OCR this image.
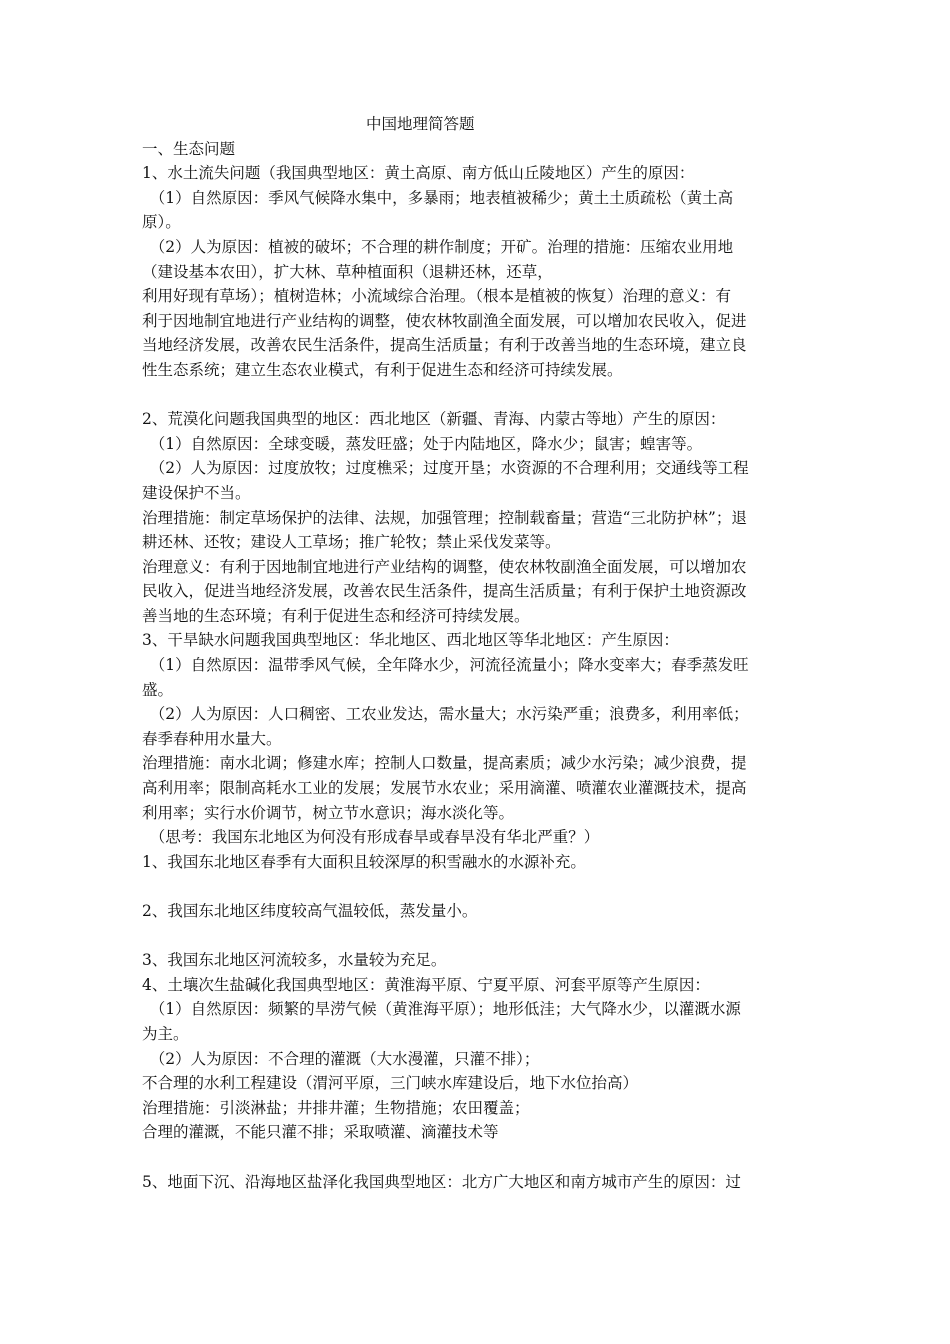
中国地理简答题
一、生态问题
1、水土流失问题（我国典型地区：黄土高原、南方低山丘陵地区）产生的原因：
　（1）自然原因：季风气候降水集中，多暴雨；地表植被稀少；黄土土质疏松（黄土高
原）。
　（2）人为原因：植被的破坏；不合理的耕作制度；开矿。治理的措施：压缩农业用地
（建设基本农田），扩大林、草种植面积（退耕还林，还草，
利用好现有草场）；植树造林；小流域综合治理。（根本是植被的恢复）治理的意义：有
利于因地制宜地进行产业结构的调整，使农林牧副渔全面发展，可以增加农民收入，促进
当地经济发展，改善农民生活条件，提高生活质量；有利于改善当地的生态环境，建立良
性生态系统；建立生态农业模式，有利于促进生态和经济可持续发展。
2、荒漠化问题我国典型的地区：西北地区（新疆、青海、内蒙古等地）产生的原因：
　（1）自然原因：全球变暖，蒸发旺盛；处于内陆地区，降水少；鼠害；蝗害等。
　（2）人为原因：过度放牧；过度樵采；过度开垦；水资源的不合理利用；交通线等工程
建设保护不当。
治理措施：制定草场保护的法律、法规，加强管理；控制载畜量；营造“三北防护林”；退
耕还林、还牧；建设人工草场；推广轮牧；禁止采伐发菜等。
治理意义：有利于因地制宜地进行产业结构的调整，使农林牧副渔全面发展，可以增加农
民收入，促进当地经济发展，改善农民生活条件，提高生活质量；有利于保护土地资源改
善当地的生态环境；有利于促进生态和经济可持续发展。
3、干旱缺水问题我国典型地区：华北地区、西北地区等华北地区：产生原因：
　（1）自然原因：温带季风气候，全年降水少，河流径流量小；降水变率大；春季蒸发旺
盛。
　（2）人为原因：人口稠密、工农业发达，需水量大；水污染严重；浪费多，利用率低；
春季春种用水量大。
治理措施：南水北调；修建水库；控制人口数量，提高素质；减少水污染；减少浪费，提
高利用率；限制高耗水工业的发展；发展节水农业；采用滴灌、喷灌农业灌溉技术，提高
利用率；实行水价调节，树立节水意识；海水淡化等。
　（思考：我国东北地区为何没有形成春旱或春旱没有华北严重？）
1、我国东北地区春季有大面积且较深厚的积雪融水的水源补充。
2、我国东北地区纬度较高气温较低，蒸发量小。
3、我国东北地区河流较多，水量较为充足。
4、土壤次生盐碱化我国典型地区：黄淮海平原、宁夏平原、河套平原等产生原因：
　（1）自然原因：频繁的旱涝气候（黄淮海平原）；地形低洼；大气降水少，以灌溉水源
为主。
　（2）人为原因：不合理的灌溉（大水漫灌，只灌不排）；
不合理的水利工程建设（渭河平原，三门峡水库建设后，地下水位抬高）
治理措施：引淡淋盐；井排井灌；生物措施；农田覆盖；
合理的灌溉，不能只灌不排；采取喷灌、滴灌技术等
5、地面下沉、沿海地区盐泽化我国典型地区：北方广大地区和南方城市产生的原因：过
